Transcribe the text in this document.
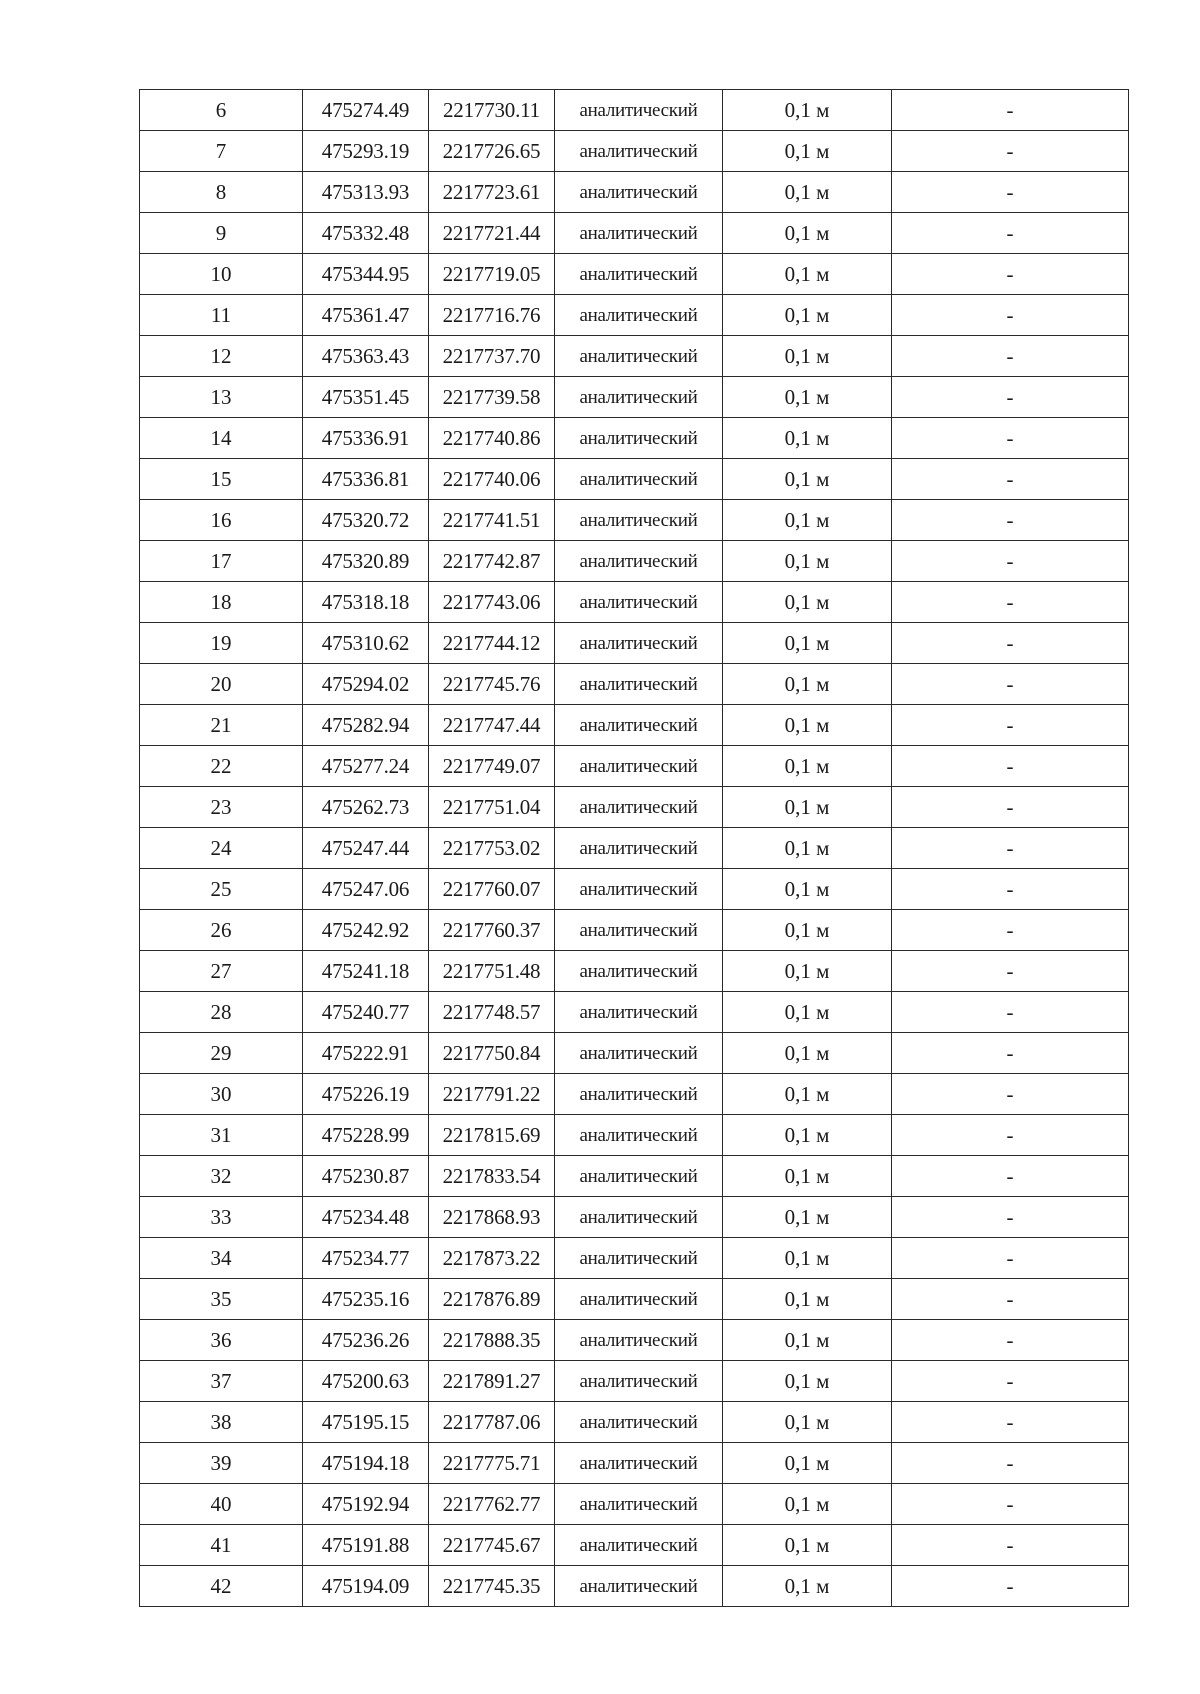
6	475274.49	2217730.11	аналитический	0,1 м	-
7	475293.19	2217726.65	аналитический	0,1 м	-
8	475313.93	2217723.61	аналитический	0,1 м	-
9	475332.48	2217721.44	аналитический	0,1 м	-
10	475344.95	2217719.05	аналитический	0,1 м	-
11	475361.47	2217716.76	аналитический	0,1 м	-
12	475363.43	2217737.70	аналитический	0,1 м	-
13	475351.45	2217739.58	аналитический	0,1 м	-
14	475336.91	2217740.86	аналитический	0,1 м	-
15	475336.81	2217740.06	аналитический	0,1 м	-
16	475320.72	2217741.51	аналитический	0,1 м	-
17	475320.89	2217742.87	аналитический	0,1 м	-
18	475318.18	2217743.06	аналитический	0,1 м	-
19	475310.62	2217744.12	аналитический	0,1 м	-
20	475294.02	2217745.76	аналитический	0,1 м	-
21	475282.94	2217747.44	аналитический	0,1 м	-
22	475277.24	2217749.07	аналитический	0,1 м	-
23	475262.73	2217751.04	аналитический	0,1 м	-
24	475247.44	2217753.02	аналитический	0,1 м	-
25	475247.06	2217760.07	аналитический	0,1 м	-
26	475242.92	2217760.37	аналитический	0,1 м	-
27	475241.18	2217751.48	аналитический	0,1 м	-
28	475240.77	2217748.57	аналитический	0,1 м	-
29	475222.91	2217750.84	аналитический	0,1 м	-
30	475226.19	2217791.22	аналитический	0,1 м	-
31	475228.99	2217815.69	аналитический	0,1 м	-
32	475230.87	2217833.54	аналитический	0,1 м	-
33	475234.48	2217868.93	аналитический	0,1 м	-
34	475234.77	2217873.22	аналитический	0,1 м	-
35	475235.16	2217876.89	аналитический	0,1 м	-
36	475236.26	2217888.35	аналитический	0,1 м	-
37	475200.63	2217891.27	аналитический	0,1 м	-
38	475195.15	2217787.06	аналитический	0,1 м	-
39	475194.18	2217775.71	аналитический	0,1 м	-
40	475192.94	2217762.77	аналитический	0,1 м	-
41	475191.88	2217745.67	аналитический	0,1 м	-
42	475194.09	2217745.35	аналитический	0,1 м	-
